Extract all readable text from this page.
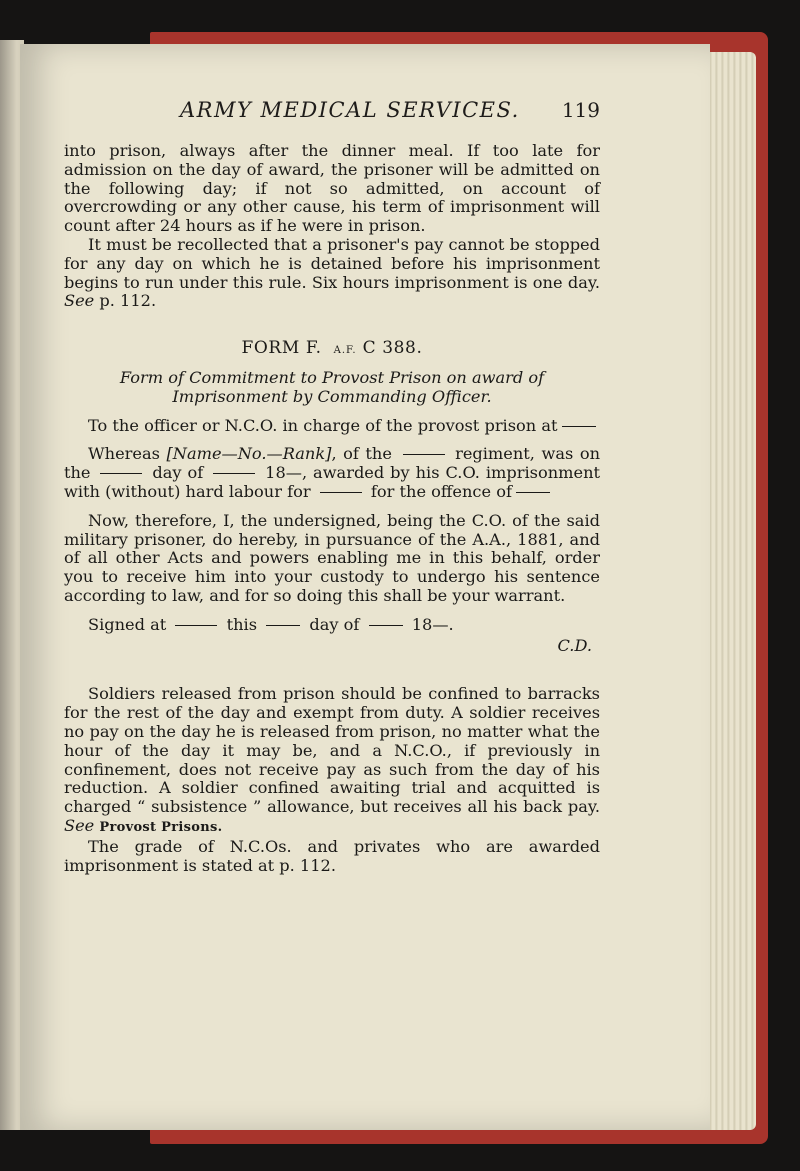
ARMY MEDICAL SERVICES. 119

into prison, always after the dinner meal. If too late for admission on the day of award, the prisoner will be admitted on the following day; if not so admitted, on account of overcrowding or any other cause, his term of imprisonment will count after 24 hours as if he were in prison.

It must be recollected that a prisoner's pay cannot be stopped for any day on which he is detained before his imprisonment begins to run under this rule. Six hours imprisonment is one day. See p. 112.

FORM F. A.F. C 388.

Form of Commitment to Provost Prison on award of Imprisonment by Commanding Officer.

To the officer or N.C.O. in charge of the provost prison at

Whereas [Name—No.—Rank], of the	regiment, was on the	day of	18—, awarded by his C.O. imprisonment with (without) hard labour for	for the offence of

Now, therefore, I, the undersigned, being the C.O. of the said military prisoner, do hereby, in pursuance of the A.A., 1881, and of all other Acts and powers enabling me in this behalf, order you to receive him into your custody to undergo his sentence according to law, and for so doing this shall be your warrant.

Signed at	this	day of	18—.

C.D.

Soldiers released from prison should be confined to barracks for the rest of the day and exempt from duty. A soldier receives no pay on the day he is released from prison, no matter what the hour of the day it may be, and a N.C.O., if previously in confinement, does not receive pay as such from the day of his reduction. A soldier confined awaiting trial and acquitted is charged “ subsistence ” allowance, but receives all his back pay. See Provost Prisons.

The grade of N.C.Os. and privates who are awarded imprisonment is stated at p. 112.
